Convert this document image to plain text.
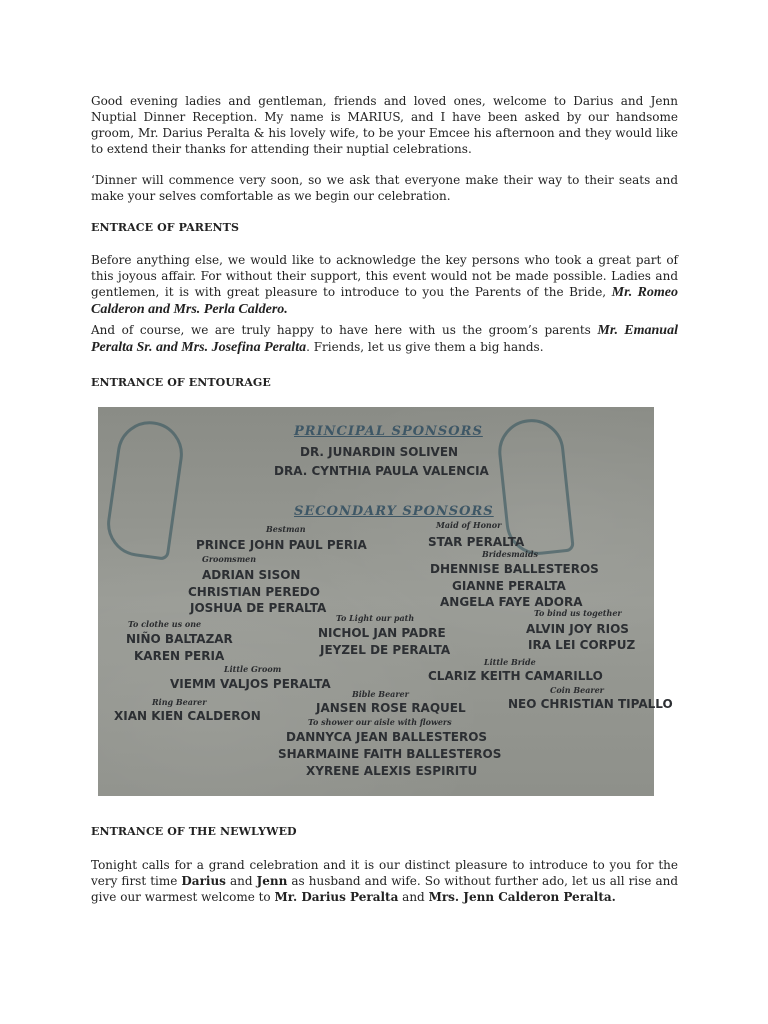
Good evening ladies and gentleman, friends and loved ones, welcome to Darius and Jenn Nuptial Dinner Reception. My name is MARIUS, and I have been asked by our handsome groom, Mr. Darius Peralta & his lovely wife, to be your Emcee his afternoon and they would like to extend their thanks for attending their nuptial celebrations.

‘Dinner will commence very soon, so we ask that everyone make their way to their seats and make your selves comfortable as we begin our celebration.

ENTRACE OF PARENTS

Before anything else, we would like to acknowledge the key persons who took a great part of this joyous affair. For without their support, this event would not be made possible. Ladies and gentlemen, it is with great pleasure to introduce to you the Parents of the Bride, Mr. Romeo Calderon and Mrs. Perla Caldero.

And of course, we are truly happy to have here with us the groom’s parents Mr. Emanual Peralta Sr. and Mrs. Josefina Peralta. Friends, let us give them a big hands.

ENTRANCE OF ENTOURAGE
PRINCIPAL SPONSORS
DR. JUNARDIN SOLIVEN
DRA. CYNTHIA PAULA VALENCIA
SECONDARY SPONSORS
Bestman
PRINCE JOHN PAUL PERIA
Maid of Honor
STAR PERALTA
Groomsmen
ADRIAN SISON
CHRISTIAN PEREDO
JOSHUA DE PERALTA
Bridesmaids
DHENNISE BALLESTEROS
GIANNE PERALTA
ANGELA FAYE ADORA
To clothe us one
NIÑO BALTAZAR
KAREN PERIA
To Light our path
NICHOL JAN PADRE
JEYZEL DE PERALTA
To bind us together
ALVIN JOY RIOS
IRA LEI CORPUZ
Little Groom
VIEMM VALJOS PERALTA
Little Bride
CLARIZ KEITH CAMARILLO
Ring Bearer
XIAN KIEN CALDERON
Bible Bearer
JANSEN ROSE RAQUEL
Coin Bearer
NEO CHRISTIAN TIPALLO
To shower our aisle with flowers
DANNYCA JEAN BALLESTEROS
SHARMAINE FAITH BALLESTEROS
XYRENE ALEXIS ESPIRITU
ENTRANCE OF THE NEWLYWED

Tonight calls for a grand celebration and it is our distinct pleasure to introduce to you for the very first time Darius and Jenn as husband and wife. So without further ado, let us all rise and give our warmest welcome to Mr. Darius Peralta and Mrs. Jenn Calderon Peralta.
